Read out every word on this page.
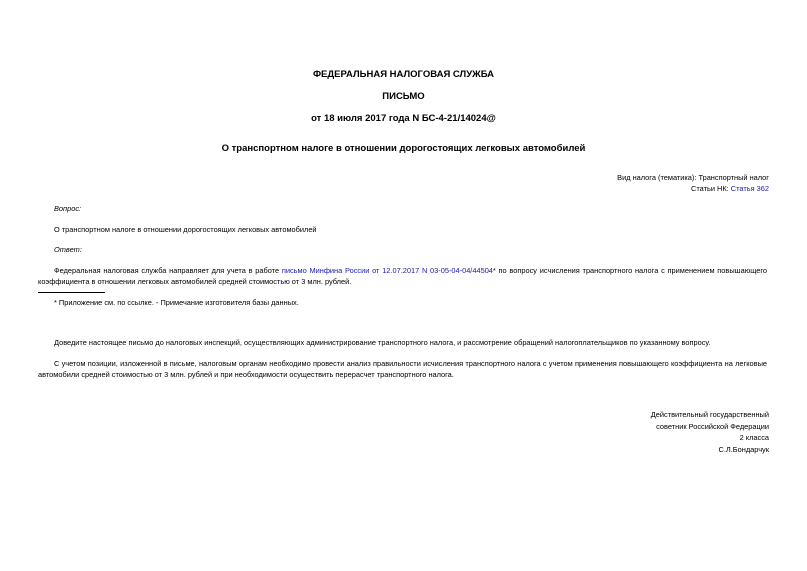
ФЕДЕРАЛЬНАЯ НАЛОГОВАЯ СЛУЖБА
ПИСЬМО
от 18 июля 2017 года N БС-4-21/14024@
О транспортном налоге в отношении дорогостоящих легковых автомобилей
Вид налога (тематика): Транспортный налог
Статьи НК: Статья 362
Вопрос:
О транспортном налоге в отношении дорогостоящих легковых автомобилей
Ответ:

Федеральная налоговая служба направляет для учета в работе письмо Минфина России от 12.07.2017 N 03-05-04-04/44504* по вопросу исчисления транспортного налога с применением повышающего коэффициента в отношении легковых автомобилей средней стоимостью от 3 млн. рублей.

* Приложение см. по ссылке. - Примечание изготовителя базы данных.

Доведите настоящее письмо до налоговых инспекций, осуществляющих администрирование транспортного налога, и рассмотрение обращений налогоплательщиков по указанному вопросу.

С учетом позиции, изложенной в письме, налоговым органам необходимо провести анализ правильности исчисления транспортного налога с учетом применения повышающего коэффициента на легковые автомобили средней стоимостью от 3 млн. рублей и при необходимости осуществить перерасчет транспортного налога.

Действительный государственный
советник Российской Федерации
2 класса
С.Л.Бондарчук
